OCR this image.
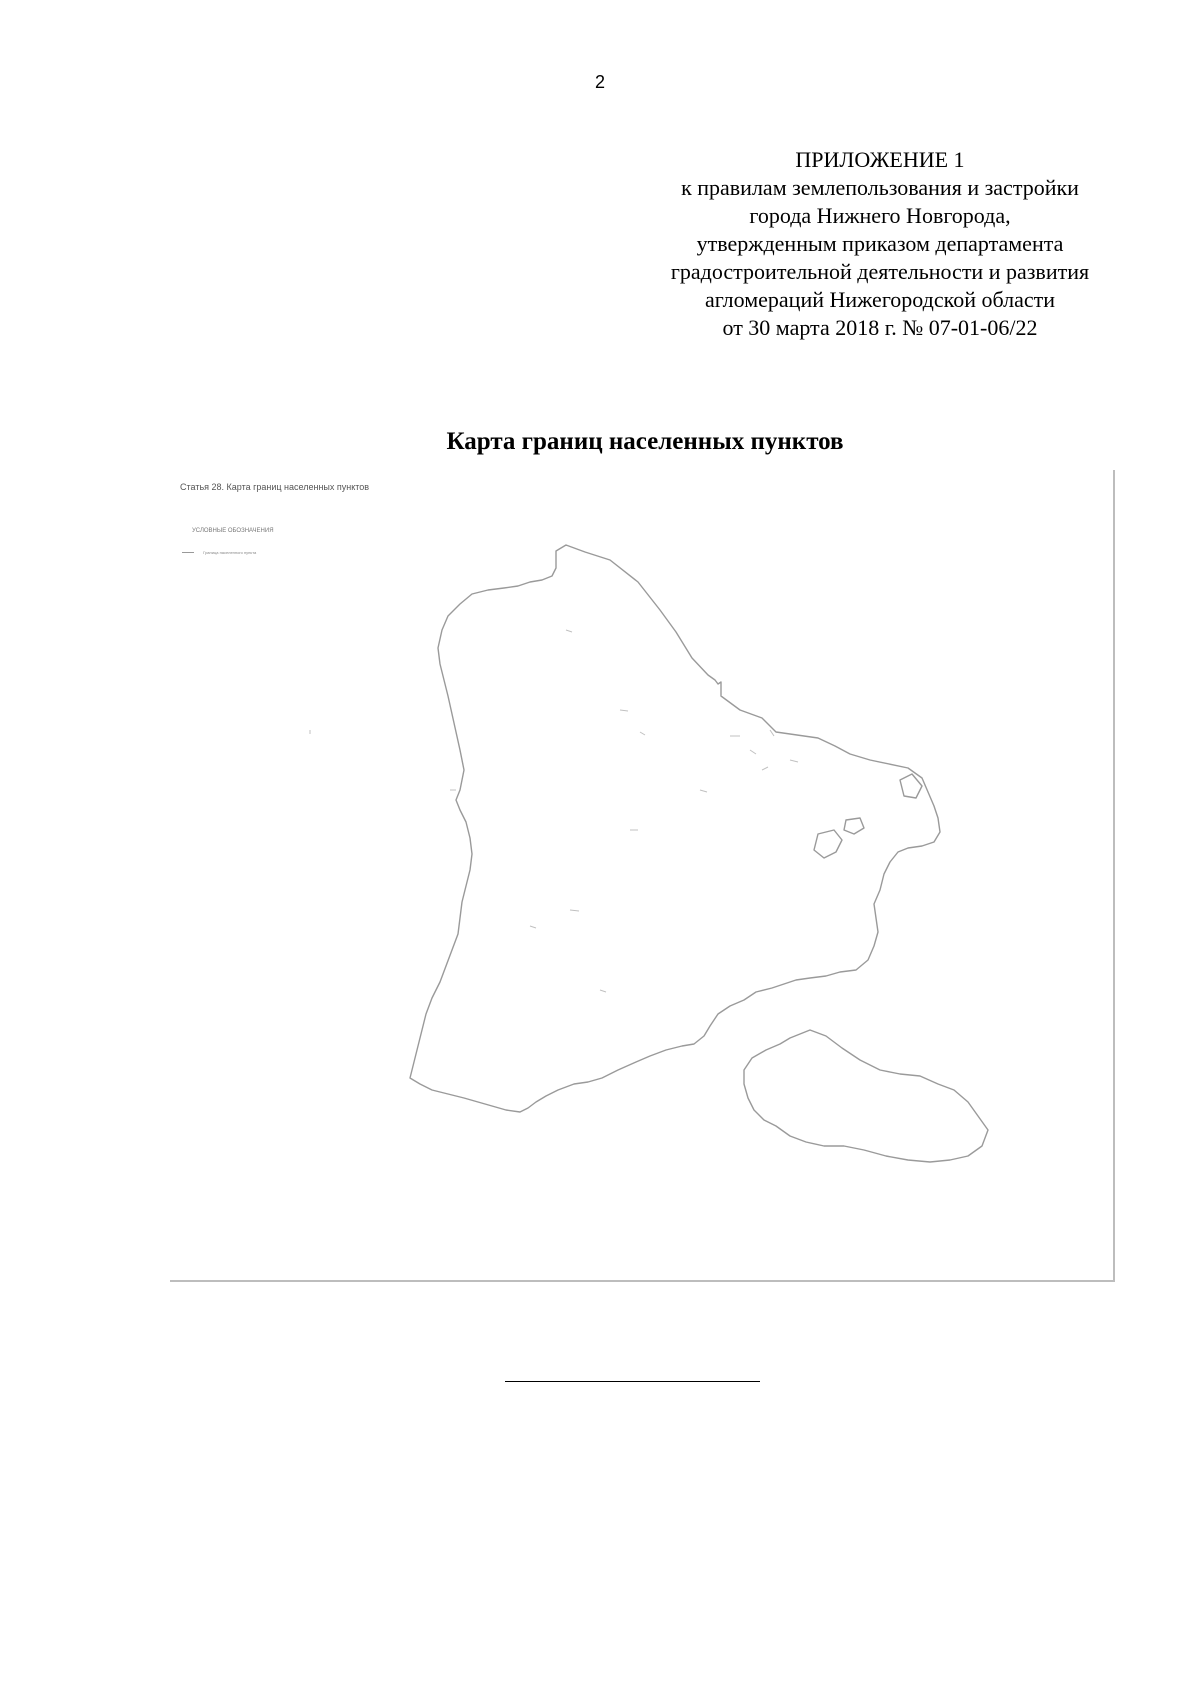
2
ПРИЛОЖЕНИЕ 1
к правилам землепользования и застройки
города Нижнего Новгорода,
утвержденным приказом департамента
градостроительной деятельности и развития
агломераций Нижегородской области
от 30 марта 2018 г. № 07-01-06/22
Карта границ населенных пунктов
Статья 28. Карта границ населенных пунктов
УСЛОВНЫЕ ОБОЗНАЧЕНИЯ
Граница населенного пункта
